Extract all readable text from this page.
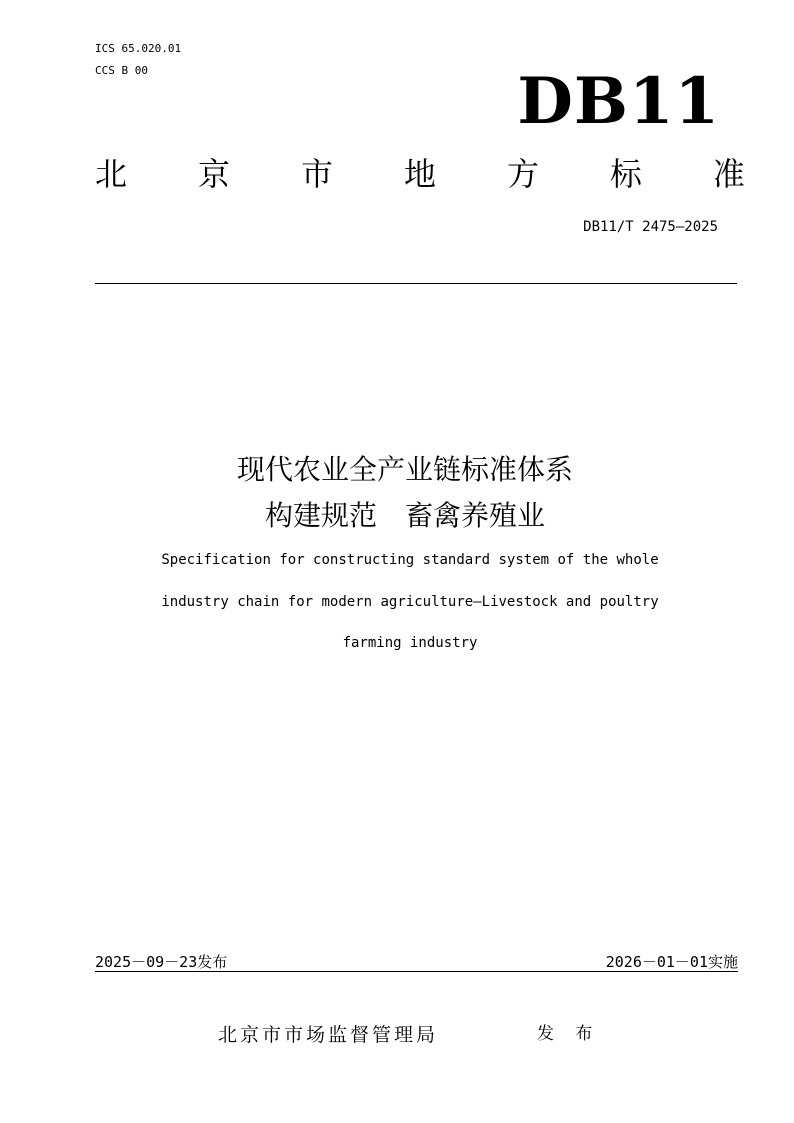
ICS 65.020.01
CCS B 00	DB11
北 京 市 地 方 标 准
DB11/T 2475—2025
现代农业全产业链标准体系
构建规范　畜禽养殖业
Specification for constructing standard system of the whole
industry chain for modern agriculture—Livestock and poultry
farming industry
2025－09－23发布	2026－01－01实施
北京市市场监督管理局	发 布
